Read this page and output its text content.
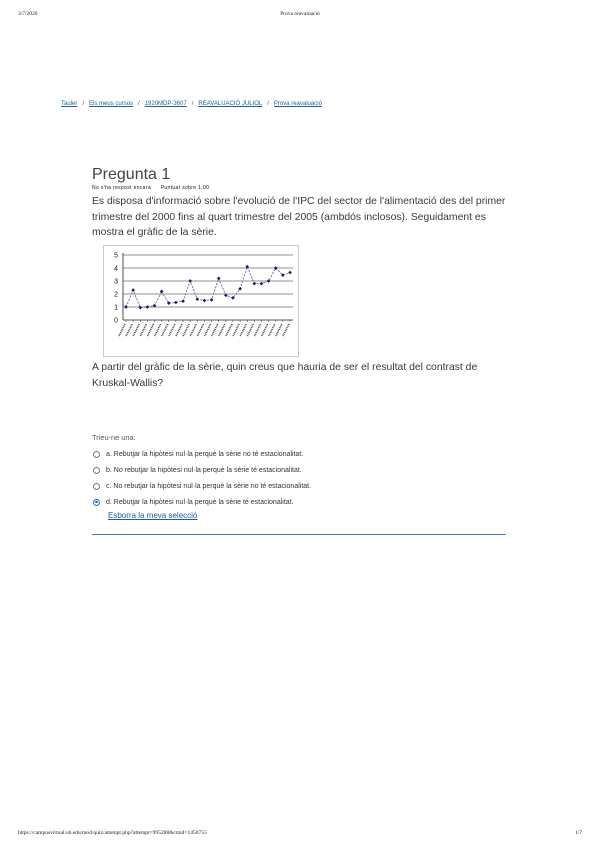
3/7/2020	Prova reavaluació
Tauler / Els meus cursos / 1920MDP-3607 / REAVALUACIÓ JULIOL / Prova reavaluació
Pregunta 1
No s'ha respost encara Puntuat sobre 1,00
Es disposa d'informació sobre l'evolució de l'IPC del sector de l'alimentació des del primer trimestre del 2000 fins al quart trimestre del 2005 (ambdós inclosos). Seguidament es mostra el gràfic de la sèrie.
0
1
2
3
4
5
A partir del gràfic de la sèrie, quin creus que hauria de ser el resultat del contrast de Kruskal-Wallis?
Trieu-ne una:
a. Rebutjar la hipòtesi nul·la perquè la sèrie no té estacionalitat.
b. No rebutjar la hipòtesi nul·la perquè la sèrie té estacionalitat.
c. No rebutjar la hipòtesi nul·la perquè la sèrie no té estacionalitat.
d. Rebutjar la hipòtesi nul·la perquè la sèrie té estacionalitat.
Esborra la meva selecció
https://campusvirtual.ub.edu/mod/quiz/attempt.php?attempt=995288&cmid=1450755	1/7
